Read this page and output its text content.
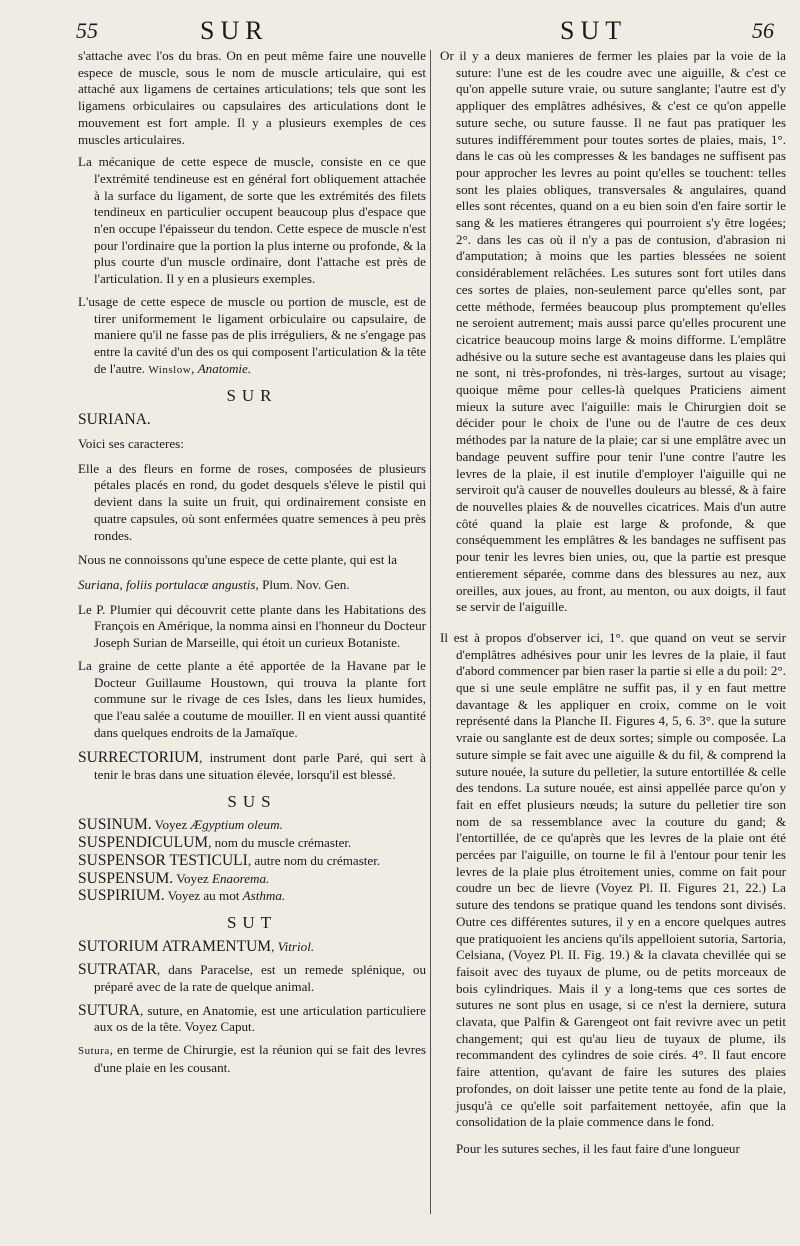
55	SUR	SUT	56

s'attache avec l'os du bras. On en peut même faire une nouvelle espece de muscle, sous le nom de muscle articulaire, qui est attaché aux ligamens de certaines articulations; tels que sont les ligamens orbiculaires ou capsulaires des articulations dont le mouvement est fort ample. Il y a plusieurs exemples de ces muscles articulaires.

La mécanique de cette espece de muscle, consiste en ce que l'extrémité tendineuse est en général fort obliquement attachée à la surface du ligament, de sorte que les extrémités des filets tendineux en particulier occupent beaucoup plus d'espace que n'en occupe l'épaisseur du tendon. Cette espece de muscle n'est pour l'ordinaire que la portion la plus interne ou profonde, & la plus courte d'un muscle ordinaire, dont l'attache est près de l'articulation. Il y en a plusieurs exemples.

L'usage de cette espece de muscle ou portion de muscle, est de tirer uniformement le ligament orbiculaire ou capsulaire, de maniere qu'il ne fasse pas de plis irréguliers, & ne s'engage pas entre la cavité d'un des os qui composent l'articulation & la tête de l'autre. Winslow, Anatomie.

SUR
SURIANA.

Voici ses caracteres:

Elle a des fleurs en forme de roses, composées de plusieurs pétales placés en rond, du godet desquels s'éleve le pistil qui devient dans la suite un fruit, qui ordinairement consiste en quatre capsules, où sont enfermées quatre semences à peu près rondes.

Nous ne connoissons qu'une espece de cette plante, qui est la

Suriana, foliis portulacæ angustis, Plum. Nov. Gen.

Le P. Plumier qui découvrit cette plante dans les Habitations des François en Amérique, la nomma ainsi en l'honneur du Docteur Joseph Surian de Marseille, qui étoit un curieux Botaniste.

La graine de cette plante a été apportée de la Havane par le Docteur Guillaume Houstown, qui trouva la plante fort commune sur le rivage de ces Isles, dans les lieux humides, que l'eau salée a coutume de mouiller. Il en vient aussi quantité dans quelques endroits de la Jamaïque.

SURRECTORIUM, instrument dont parle Paré, qui sert à tenir le bras dans une situation élevée, lorsqu'il est blessé.

SUS
SUSINUM. Voyez Ægyptium oleum.
SUSPENDICULUM, nom du muscle crémaster.
SUSPENSOR TESTICULI, autre nom du crémaster.
SUSPENSUM. Voyez Enaorema.
SUSPIRIUM. Voyez au mot Asthma.
SUT
SUTORIUM ATRAMENTUM, Vitriol.

SUTRATAR, dans Paracelse, est un remede splénique, ou préparé avec de la rate de quelque animal.

SUTURA, suture, en Anatomie, est une articulation particuliere aux os de la tête. Voyez Caput.

Sutura, en terme de Chirurgie, est la réunion qui se fait des levres d'une plaie en les cousant.

Or il y a deux manieres de fermer les plaies par la voie de la suture: l'une est de les coudre avec une aiguille, & c'est ce qu'on appelle suture vraie, ou suture sanglante; l'autre est d'y appliquer des emplâtres adhésives, & c'est ce qu'on appelle suture seche, ou suture fausse. Il ne faut pas pratiquer les sutures indifféremment pour toutes sortes de plaies, mais, 1°. dans le cas où les compresses & les bandages ne suffisent pas pour approcher les levres au point qu'elles se touchent: telles sont les plaies obliques, transversales & angulaires, quand elles sont récentes, quand on a eu bien soin d'en faire sortir le sang & les matieres étrangeres qui pourroient s'y être logées; 2°. dans les cas où il n'y a pas de contusion, d'abrasion ni d'amputation; à moins que les parties blessées ne soient considérablement relâchées. Les sutures sont fort utiles dans ces sortes de plaies, non-seulement parce qu'elles sont, par cette méthode, fermées beaucoup plus promptement qu'elles ne seroient autrement; mais aussi parce qu'elles procurent une cicatrice beaucoup moins large & moins difforme. L'emplâtre adhésive ou la suture seche est avantageuse dans les plaies qui ne sont, ni très-profondes, ni très-larges, surtout au visage; quoique même pour celles-là quelques Praticiens aiment mieux la suture avec l'aiguille: mais le Chirurgien doit se décider pour le choix de l'une ou de l'autre de ces deux méthodes par la nature de la plaie; car si une emplâtre avec un bandage peuvent suffire pour tenir l'une contre l'autre les levres de la plaie, il est inutile d'employer l'aiguille qui ne serviroit qu'à causer de nouvelles douleurs au blessé, & à faire de nouvelles plaies & de nouvelles cicatrices. Mais d'un autre côté quand la plaie est large & profonde, & que conséquemment les emplâtres & les bandages ne suffisent pas pour tenir les levres bien unies, ou, que la partie est presque entierement séparée, comme dans des blessures au nez, aux oreilles, aux joues, au front, au menton, ou aux doigts, il faut se servir de l'aiguille.

Il est à propos d'observer ici, 1°. que quand on veut se servir d'emplâtres adhésives pour unir les levres de la plaie, il faut d'abord commencer par bien raser la partie si elle a du poil: 2°. que si une seule emplâtre ne suffit pas, il y en faut mettre davantage & les appliquer en croix, comme on le voit représenté dans la Planche II. Figures 4, 5, 6. 3°. que la suture vraie ou sanglante est de deux sortes; simple ou composée. La suture simple se fait avec une aiguille & du fil, & comprend la suture nouée, la suture du pelletier, la suture entortillée & celle des tendons. La suture nouée, est ainsi appellée parce qu'on y fait en effet plusieurs nœuds; la suture du pelletier tire son nom de sa ressemblance avec la couture du gand; & l'entortillée, de ce qu'après que les levres de la plaie ont été percées par l'aiguille, on tourne le fil à l'entour pour tenir les levres de la plaie plus étroitement unies, comme on fait pour coudre un bec de lievre (Voyez Pl. II. Figures 21, 22.) La suture des tendons se pratique quand les tendons sont divisés. Outre ces différentes sutures, il y en a encore quelques autres que pratiquoient les anciens qu'ils appelloient sutoria, Sartoria, Celsiana, (Voyez Pl. II. Fig. 19.) & la clavata chevillée qui se faisoit avec des tuyaux de plume, ou de petits morceaux de bois cylindriques. Mais il y a long-tems que ces sortes de sutures ne sont plus en usage, si ce n'est la derniere, sutura clavata, que Palfin & Garengeot ont fait revivre avec un petit changement; qui est qu'au lieu de tuyaux de plume, ils recommandent des cylindres de soie cirés. 4°. Il faut encore faire attention, qu'avant de faire les sutures des plaies profondes, on doit laisser une petite tente au fond de la plaie, jusqu'à ce qu'elle soit parfaitement nettoyée, afin que la consolidation de la plaie commence dans le fond.

Pour les sutures seches, il les faut faire d'une longueur
